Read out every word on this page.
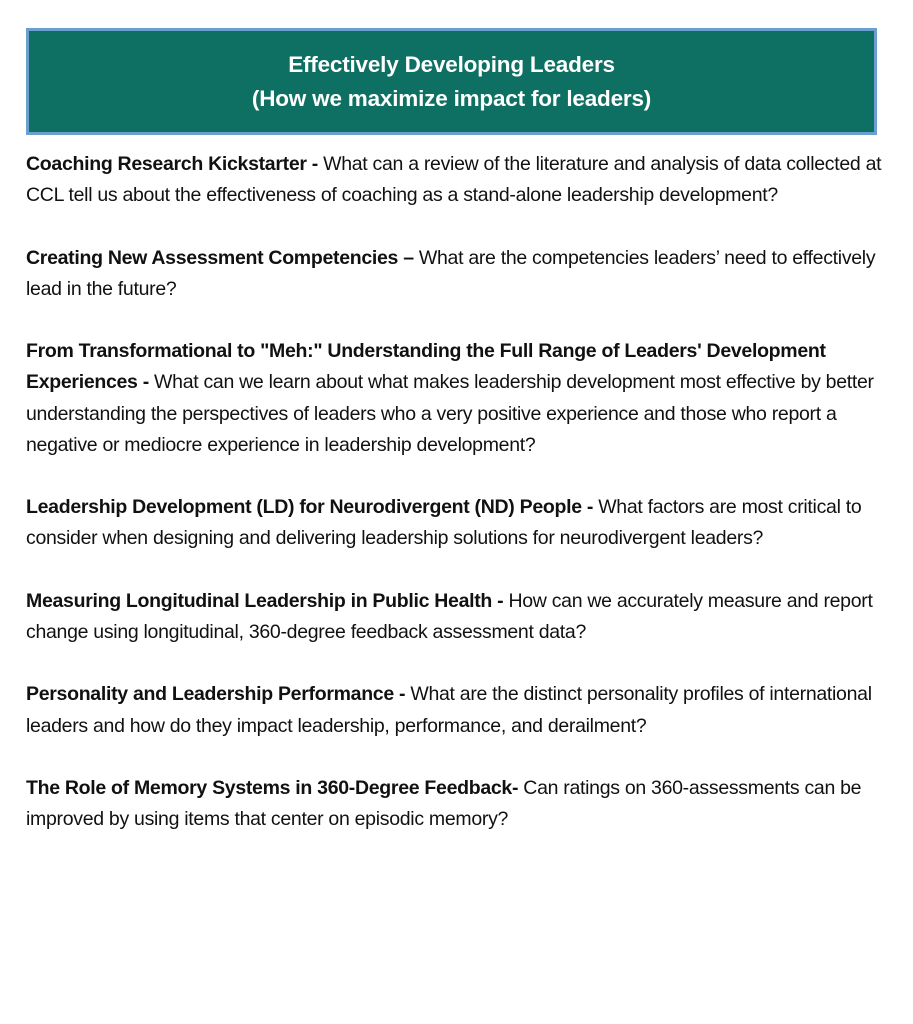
Effectively Developing Leaders
(How we maximize impact for leaders)

Coaching Research Kickstarter - What can a review of the literature and analysis of data collected at CCL tell us about the effectiveness of coaching as a stand-alone leadership development?

Creating New Assessment Competencies – What are the competencies leaders’ need to effectively lead in the future?

From Transformational to "Meh:" Understanding the Full Range of Leaders' Development Experiences - What can we learn about what makes leadership development most effective by better understanding the perspectives of leaders who a very positive experience and those who report a negative or mediocre experience in leadership development?

Leadership Development (LD) for Neurodivergent (ND) People - What factors are most critical to consider when designing and delivering leadership solutions for neurodivergent leaders?

Measuring Longitudinal Leadership in Public Health - How can we accurately measure and report change using longitudinal, 360-degree feedback assessment data?

Personality and Leadership Performance - What are the distinct personality profiles of international leaders and how do they impact leadership, performance, and derailment?

The Role of Memory Systems in 360-Degree Feedback- Can ratings on 360-assessments can be improved by using items that center on episodic memory?
